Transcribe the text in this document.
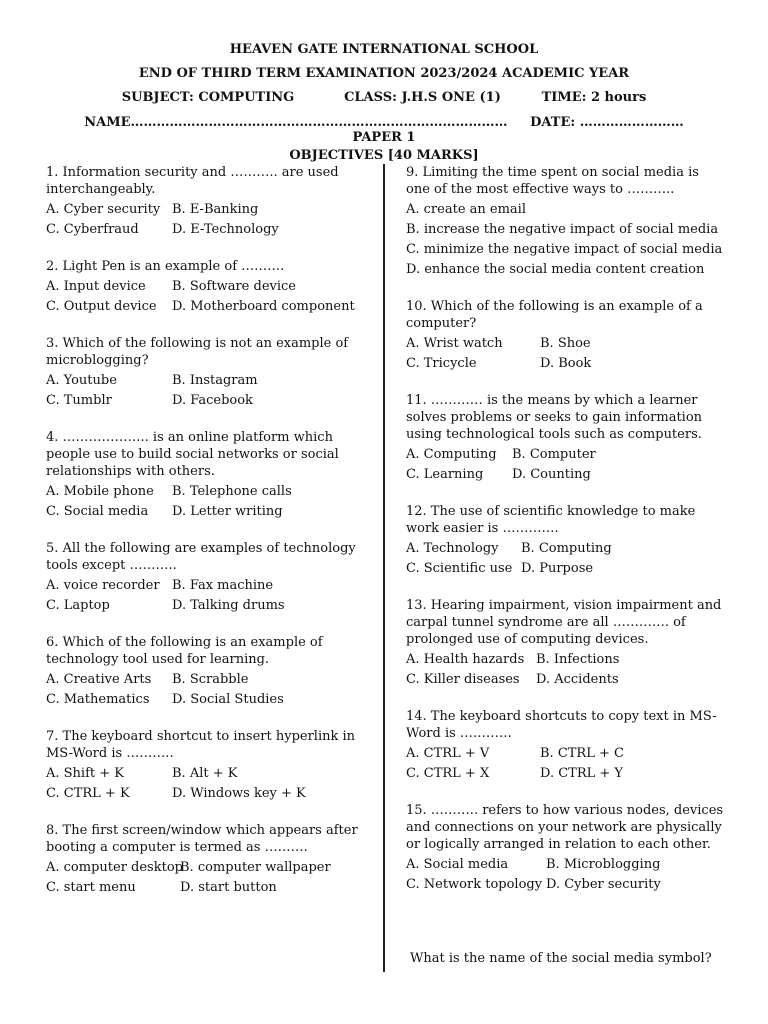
HEAVEN GATE INTERNATIONAL SCHOOL
END OF THIRD TERM EXAMINATION 2023/2024 ACADEMIC YEAR
SUBJECT: COMPUTING           CLASS: J.H.S ONE (1)         TIME: 2 hours
NAME……………………………………………………………………………     DATE: ……………………
PAPER 1
OBJECTIVES [40 MARKS]
1. Information security and ……….. are used interchangeably.
A. Cyber security B. E-Banking
C. Cyberfraud	D. E-Technology
2. Light Pen is an example of ……….
A. Input device	B. Software device
C. Output device	D. Motherboard component
3. Which of the following is not an example of microblogging?
A. Youtube	B. Instagram
C. Tumblr	D. Facebook
4. ……………….. is an online platform which people use to build social networks or social relationships with others.
A. Mobile phone	B. Telephone calls
C. Social media	D. Letter writing
5. All the following are examples of technology tools except ………..
A. voice recorder B. Fax machine
C. Laptop	D. Talking drums
6. Which of the following is an example of technology tool used for learning.
A. Creative Arts	B. Scrabble
C. Mathematics	D. Social Studies
7. The keyboard shortcut to insert hyperlink in MS-Word is ………..
A. Shift + K	B. Alt + K
C. CTRL + K	D. Windows key + K
8. The first screen/window which appears after booting a computer is termed as ……….
A. computer desktop
B. computer wallpaper
C. start menu	D. start button
9. Limiting the time spent on social media is one of the most effective ways to ………..
A. create an email
B. increase the negative impact of social media
C. minimize the negative impact of social media
D. enhance the social media content creation
10. Which of the following is an example of a computer?
A. Wrist watch	B. Shoe
C. Tricycle	D. Book
11. ………… is the means by which a learner solves problems or seeks to gain information using technological tools such as computers.
A. Computing	B. Computer
C. Learning	D. Counting
12. The use of scientific knowledge to make work easier is ………….
A. Technology	B. Computing
C. Scientific use D. Purpose
13. Hearing impairment, vision impairment and carpal tunnel syndrome are all …………. of prolonged use of computing devices.
A. Health hazards B. Infections
C. Killer diseases	D. Accidents
14. The keyboard shortcuts to copy text in MS-Word is …………
A. CTRL + V	B. CTRL + C
C. CTRL + X	D. CTRL + Y
15. ……….. refers to how various nodes, devices and connections on your network are physically or logically arranged in relation to each other.
A. Social media	B. Microblogging
C. Network topology D. Cyber security
What is the name of the social media symbol?
